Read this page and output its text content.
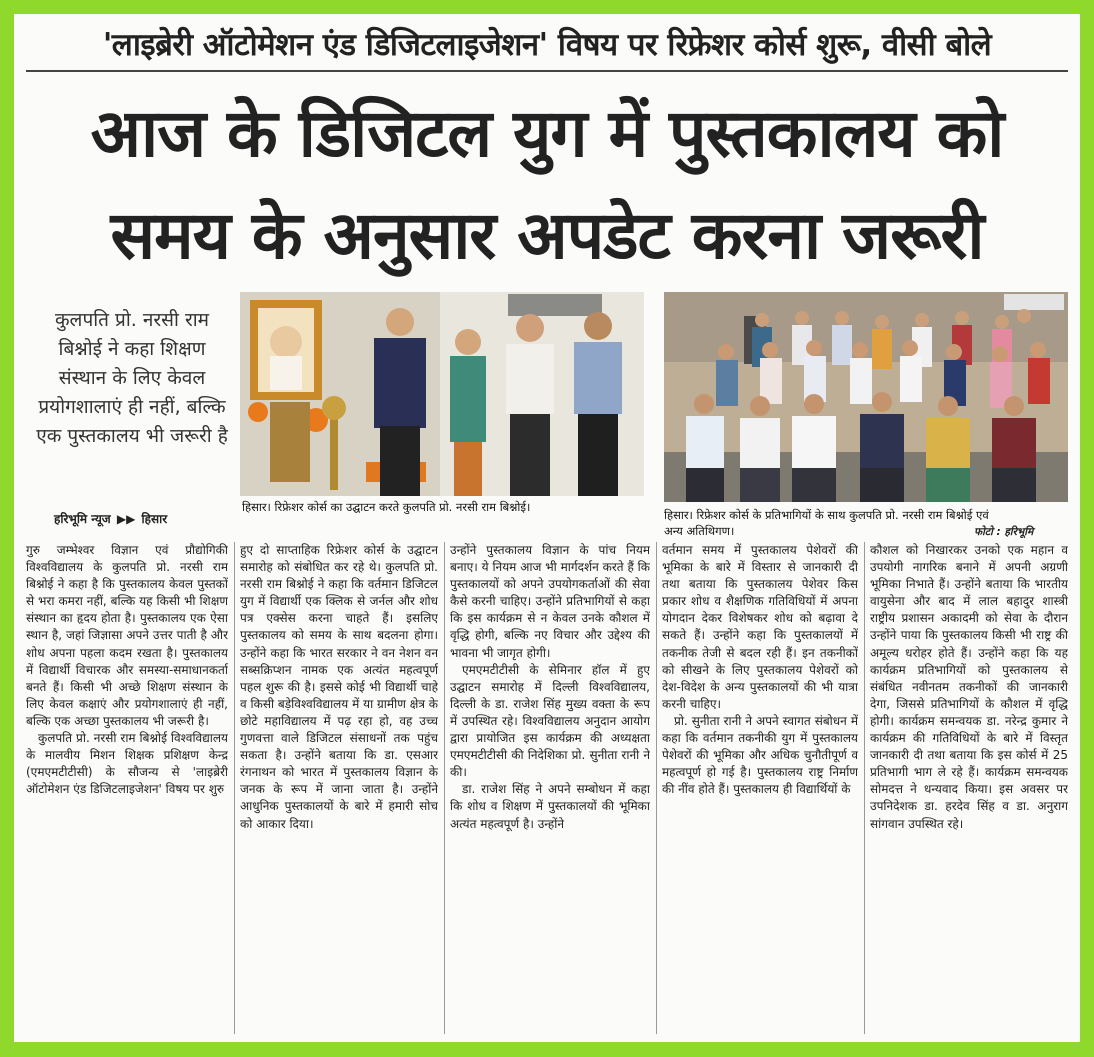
'लाइब्रेरी ऑटोमेशन एंड डिजिटलाइजेशन' विषय पर रिफ्रेशर कोर्स शुरू, वीसी बोले
आज के डिजिटल युग में पुस्तकालय को
समय के अनुसार अपडेट करना जरूरी
कुलपति प्रो. नरसी राम बिश्नोई ने कहा शिक्षण संस्थान के लिए केवल प्रयोगशालाएं ही नहीं, बल्कि एक पुस्तकालय भी जरूरी है
हरिभूमि न्यूज ▶▶ हिसार
हिसार। रिफ्रेशर कोर्स का उद्घाटन करते कुलपति प्रो. नरसी राम बिश्नोई।
हिसार। रिफ्रेशर कोर्स के प्रतिभागियों के साथ कुलपति प्रो. नरसी राम बिश्नोई एवं
अन्य अतिथिगण।	फोटो : हरिभूमि

गुरु जम्भेश्वर विज्ञान एवं प्रौद्योगिकी विश्वविद्यालय के कुलपति प्रो. नरसी राम बिश्नोई ने कहा है कि पुस्तकालय केवल पुस्तकों से भरा कमरा नहीं, बल्कि यह किसी भी शिक्षण संस्थान का हृदय होता है। पुस्तकालय एक ऐसा स्थान है, जहां जिज्ञासा अपने उत्तर पाती है और शोध अपना पहला कदम रखता है। पुस्तकालय में विद्यार्थी विचारक और समस्या-समाधानकर्ता बनते हैं। किसी भी अच्छे शिक्षण संस्थान के लिए केवल कक्षाएं और प्रयोगशालाएं ही नहीं, बल्कि एक अच्छा पुस्तकालय भी जरूरी है।

कुलपति प्रो. नरसी राम बिश्नोई विश्वविद्यालय के मालवीय मिशन शिक्षक प्रशिक्षण केन्द्र (एमएमटीटीसी) के सौजन्य से 'लाइब्रेरी ऑटोमेशन एंड डिजिटलाइजेशन' विषय पर शुरु

हुए दो साप्ताहिक रिफ्रेशर कोर्स के उद्घाटन समारोह को संबोधित कर रहे थे। कुलपति प्रो. नरसी राम बिश्नोई ने कहा कि वर्तमान डिजिटल युग में विद्यार्थी एक क्लिक से जर्नल और शोध पत्र एक्सेस करना चाहते हैं। इसलिए पुस्तकालय को समय के साथ बदलना होगा। उन्होंने कहा कि भारत सरकार ने वन नेशन वन सब्सक्रिप्शन नामक एक अत्यंत महत्वपूर्ण पहल शुरू की है। इससे कोई भी विद्यार्थी चाहे व किसी बड़ेविश्वविद्यालय में या ग्रामीण क्षेत्र के छोटे महाविद्यालय में पढ़ रहा हो, वह उच्च गुणवत्ता वाले डिजिटल संसाधनों तक पहुंच सकता है। उन्होंने बताया कि डा. एसआर रंगनाथन को भारत में पुस्तकालय विज्ञान के जनक के रूप में जाना जाता है। उन्होंने आधुनिक पुस्तकालयों के बारे में हमारी सोच को आकार दिया।

उन्होंने पुस्तकालय विज्ञान के पांच नियम बनाए। ये नियम आज भी मार्गदर्शन करते हैं कि पुस्तकालयों को अपने उपयोगकर्ताओं की सेवा कैसे करनी चाहिए। उन्होंने प्रतिभागियों से कहा कि इस कार्यक्रम से न केवल उनके कौशल में वृद्धि होगी, बल्कि नए विचार और उद्देश्य की भावना भी जागृत होगी।

एमएमटीटीसी के सेमिनार हॉल में हुए उद्घाटन समारोह में दिल्ली विश्वविद्यालय, दिल्ली के डा. राजेश सिंह मुख्य वक्ता के रूप में उपस्थित रहे। विश्वविद्यालय अनुदान आयोग द्वारा प्रायोजित इस कार्यक्रम की अध्यक्षता एमएमटीटीसी की निदेशिका प्रो. सुनीता रानी ने की।

डा. राजेश सिंह ने अपने सम्बोधन में कहा कि शोध व शिक्षण में पुस्तकालयों की भूमिका अत्यंत महत्वपूर्ण है। उन्होंने

वर्तमान समय में पुस्तकालय पेशेवरों की भूमिका के बारे में विस्तार से जानकारी दी तथा बताया कि पुस्तकालय पेशेवर किस प्रकार शोध व शैक्षणिक गतिविधियों में अपना योगदान देकर विशेषकर शोध को बढ़ावा दे सकते हैं। उन्होंने कहा कि पुस्तकालयों में तकनीक तेजी से बदल रही हैं। इन तकनीकों को सीखने के लिए पुस्तकालय पेशेवरों को देश-विदेश के अन्य पुस्तकालयों की भी यात्रा करनी चाहिए।

प्रो. सुनीता रानी ने अपने स्वागत संबोधन में कहा कि वर्तमान तकनीकी युग में पुस्तकालय पेशेवरों की भूमिका और अधिक चुनौतीपूर्ण व महत्वपूर्ण हो गई है। पुस्तकालय राष्ट्र निर्माण की नींव होते हैं। पुस्तकालय ही विद्यार्थियों के

कौशल को निखारकर उनको एक महान व उपयोगी नागरिक बनाने में अपनी अग्रणी भूमिका निभाते हैं। उन्होंने बताया कि भारतीय वायुसेना और बाद में लाल बहादुर शास्त्री राष्ट्रीय प्रशासन अकादमी को सेवा के दौरान उन्होंने पाया कि पुस्तकालय किसी भी राष्ट्र की अमूल्य धरोहर होते हैं। उन्होंने कहा कि यह कार्यक्रम प्रतिभागियों को पुस्तकालय से संबंधित नवीनतम तकनीकों की जानकारी देगा, जिससे प्रतिभागियों के कौशल में वृद्धि होगी। कार्यक्रम समन्वयक डा. नरेन्द्र कुमार ने कार्यक्रम की गतिविधियों के बारे में विस्तृत जानकारी दी तथा बताया कि इस कोर्स में 25 प्रतिभागी भाग ले रहे हैं। कार्यक्रम समन्वयक सोमदत्त ने धन्यवाद किया। इस अवसर पर उपनिदेशक डा. हरदेव सिंह व डा. अनुराग सांगवान उपस्थित रहे।
